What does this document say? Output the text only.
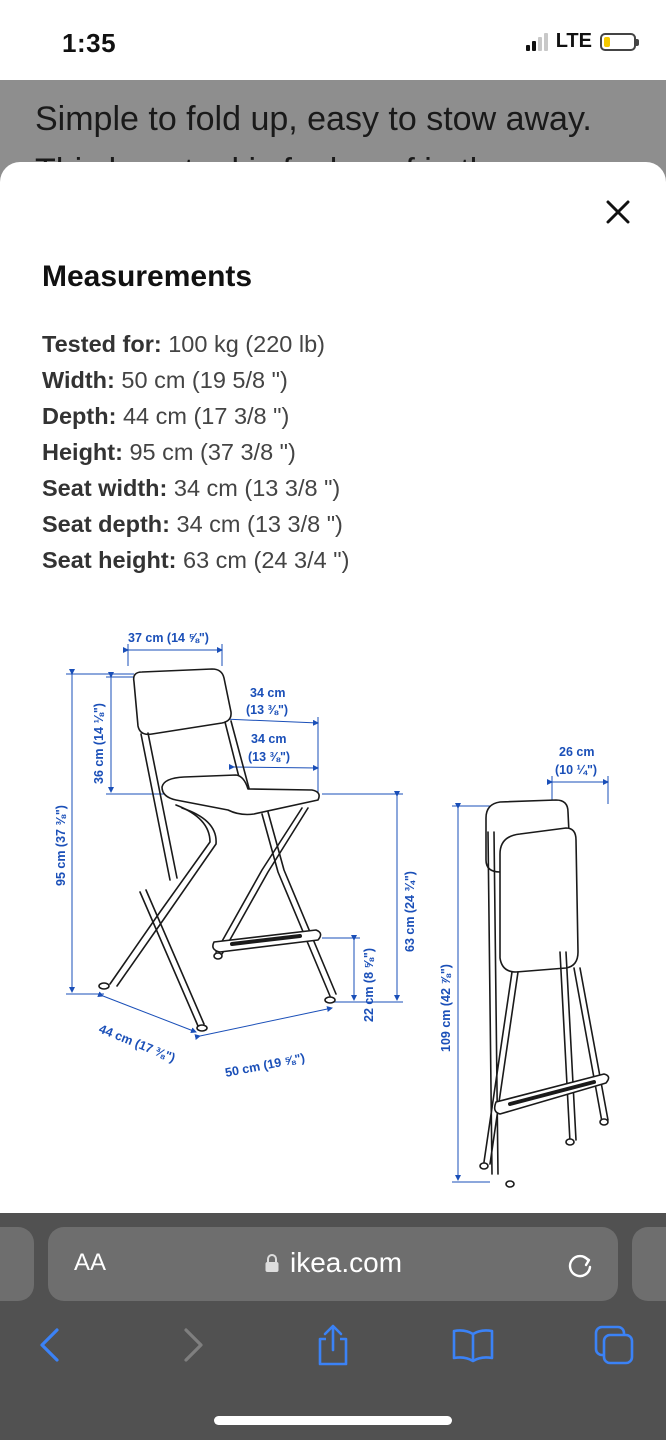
1:35	LTE
Simple to fold up, easy to stow away.
Measurements
Tested for: 100 kg (220 lb)
Width: 50 cm (19 5/8 ")
Depth: 44 cm (17 3/8 ")
Height: 95 cm (37 3/8 ")
Seat width: 34 cm (13 3/8 ")
Seat depth: 34 cm (13 3/8 ")
Seat height: 63 cm (24 3/4 ")
37 cm (14 ⅝")
34 cm
(13 ⅜")
34 cm
(13 ⅜")
36 cm (14 ⅛")
95 cm (37 ⅜")
63 cm (24 ¾")
22 cm (8 ⅝")
44 cm (17 ⅜")
50 cm (19 ⅝")
26 cm
(10 ¼")
109 cm (42 ⅞")
AA	ikea.com
